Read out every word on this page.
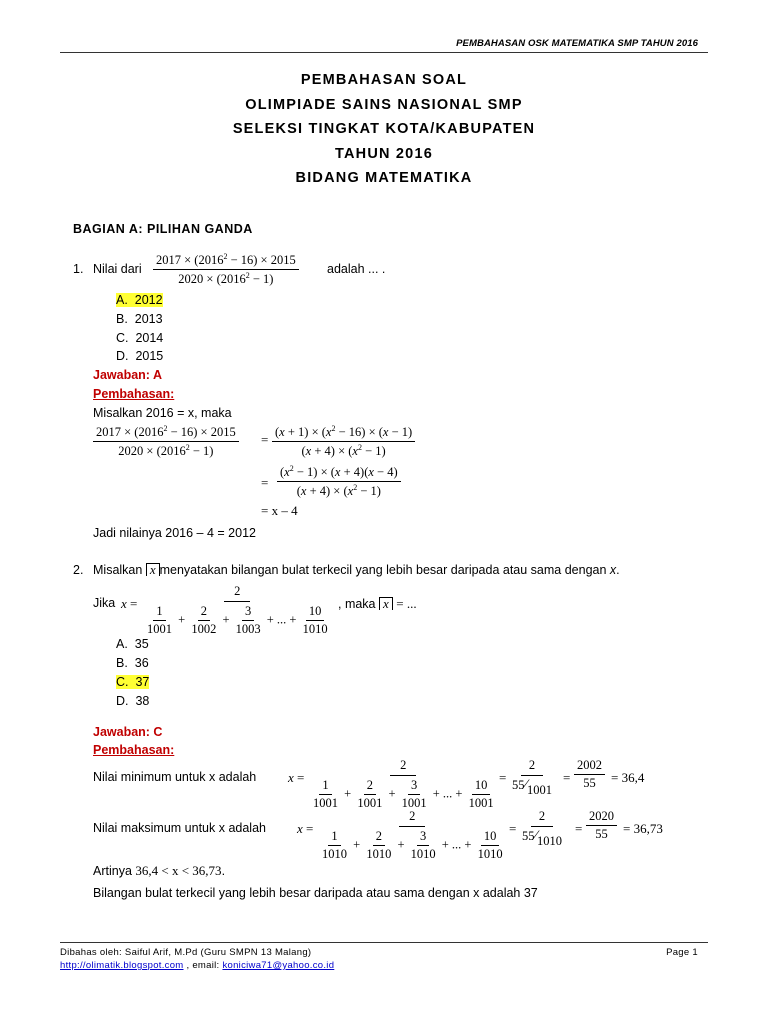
PEMBAHASAN OSK MATEMATIKA SMP TAHUN 2016
PEMBAHASAN SOAL
OLIMPIADE SAINS NASIONAL SMP
SELEKSI TINGKAT KOTA/KABUPATEN
TAHUN 2016
BIDANG MATEMATIKA
BAGIAN A: PILIHAN GANDA
1. Nilai dari $\frac{2017 \times (2016^2 - 16) \times 2015}{2020 \times (2016^2 - 1)}$ adalah ... .
A. 2012
B. 2013
C. 2014
D. 2015
Jawaban: A
Pembahasan:
Misalkan 2016 = x, maka
$\frac{2017 \times (2016^2 - 16) \times 2015}{2020 \times (2016^2 - 1)} = \frac{(x + 1) \times (x^2 - 16) \times (x - 1)}{(x + 4) \times (x^2 - 1)}$
= $\frac{(x^2 - 1) \times (x + 4)(x - 4)}{(x + 4) \times (x^2 - 1)}$
= x – 4
Jadi nilainya 2016 – 4 = 2012
2. Misalkan x menyatakan bilangan bulat terkecil yang lebih besar daripada atau sama dengan x.
Jika $x = \frac{2}{\frac{1}{1001} + \frac{2}{1002} + \frac{3}{1003} + ... + \frac{10}{1010}}$ , maka x = ...
A. 35
B. 36
C. 37
D. 38
Jawaban: C
Pembahasan:
Nilai minimum untuk x adalah $x = \frac{2}{\frac{1}{1001} + \frac{2}{1001} + \frac{3}{1001} + ... + \frac{10}{1001}} = \frac{2}{55⁄1001} = \frac{2002}{55} = 36,4$
Nilai maksimum untuk x adalah $x = \frac{2}{\frac{1}{1010} + \frac{2}{1010} + \frac{3}{1010} + ... + \frac{10}{1010}} = \frac{2}{55⁄1010} = \frac{2020}{55} = 36,73$
Artinya 36,4 < x < 36,73.
Bilangan bulat terkecil yang lebih besar daripada atau sama dengan x adalah 37
Dibahas oleh: Saiful Arif, M.Pd (Guru SMPN 13 Malang)	Page 1
http://olimatik.blogspot.com , email: koniciwa71@yahoo.co.id
